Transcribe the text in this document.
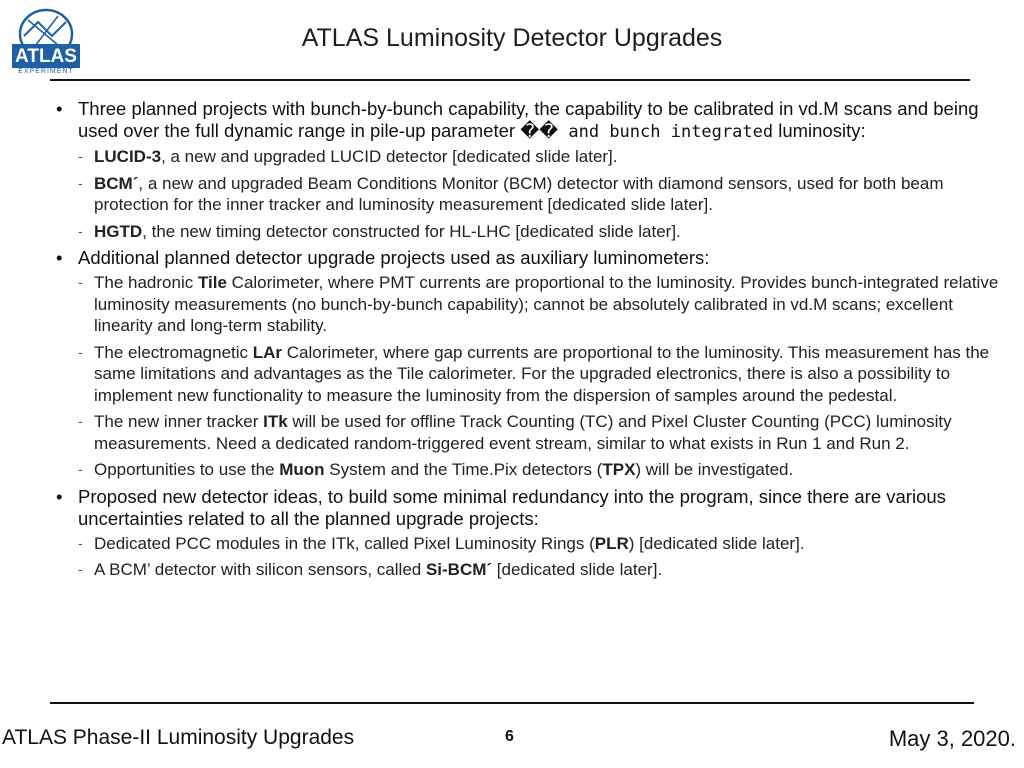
ATLAS
EXPERIMENT
ATLAS Luminosity Detector Upgrades
• Three planned projects with bunch-by-bunch capability, the capability to be calibrated in vd.M scans and being used over the full dynamic range in pile-up parameter �� and bunch integrated luminosity:
- LUCID-3, a new and upgraded LUCID detector [dedicated slide later].
- BCM´, a new and upgraded Beam Conditions Monitor (BCM) detector with diamond sensors, used for both beam protection for the inner tracker and luminosity measurement [dedicated slide later].
- HGTD, the new timing detector constructed for HL-LHC [dedicated slide later].
• Additional planned detector upgrade projects used as auxiliary luminometers:
- The hadronic Tile Calorimeter, where PMT currents are proportional to the luminosity. Provides bunch-integrated relative luminosity measurements (no bunch-by-bunch capability); cannot be absolutely calibrated in vd.M scans; excellent linearity and long-term stability.
- The electromagnetic LAr Calorimeter, where gap currents are proportional to the luminosity. This measurement has the same limitations and advantages as the Tile calorimeter. For the upgraded electronics, there is also a possibility to implement new functionality to measure the luminosity from the dispersion of samples around the pedestal.
- The new inner tracker ITk will be used for offline Track Counting (TC) and Pixel Cluster Counting (PCC) luminosity measurements. Need a dedicated random-triggered event stream, similar to what exists in Run 1 and Run 2.
- Opportunities to use the Muon System and the Time.Pix detectors (TPX) will be investigated.
• Proposed new detector ideas, to build some minimal redundancy into the program, since there are various uncertainties related to all the planned upgrade projects:
- Dedicated PCC modules in the ITk, called Pixel Luminosity Rings (PLR) [dedicated slide later].
- A BCM’ detector with silicon sensors, called Si-BCM´ [dedicated slide later].
ATLAS Phase-II Luminosity Upgrades	6	May 3, 2020.
